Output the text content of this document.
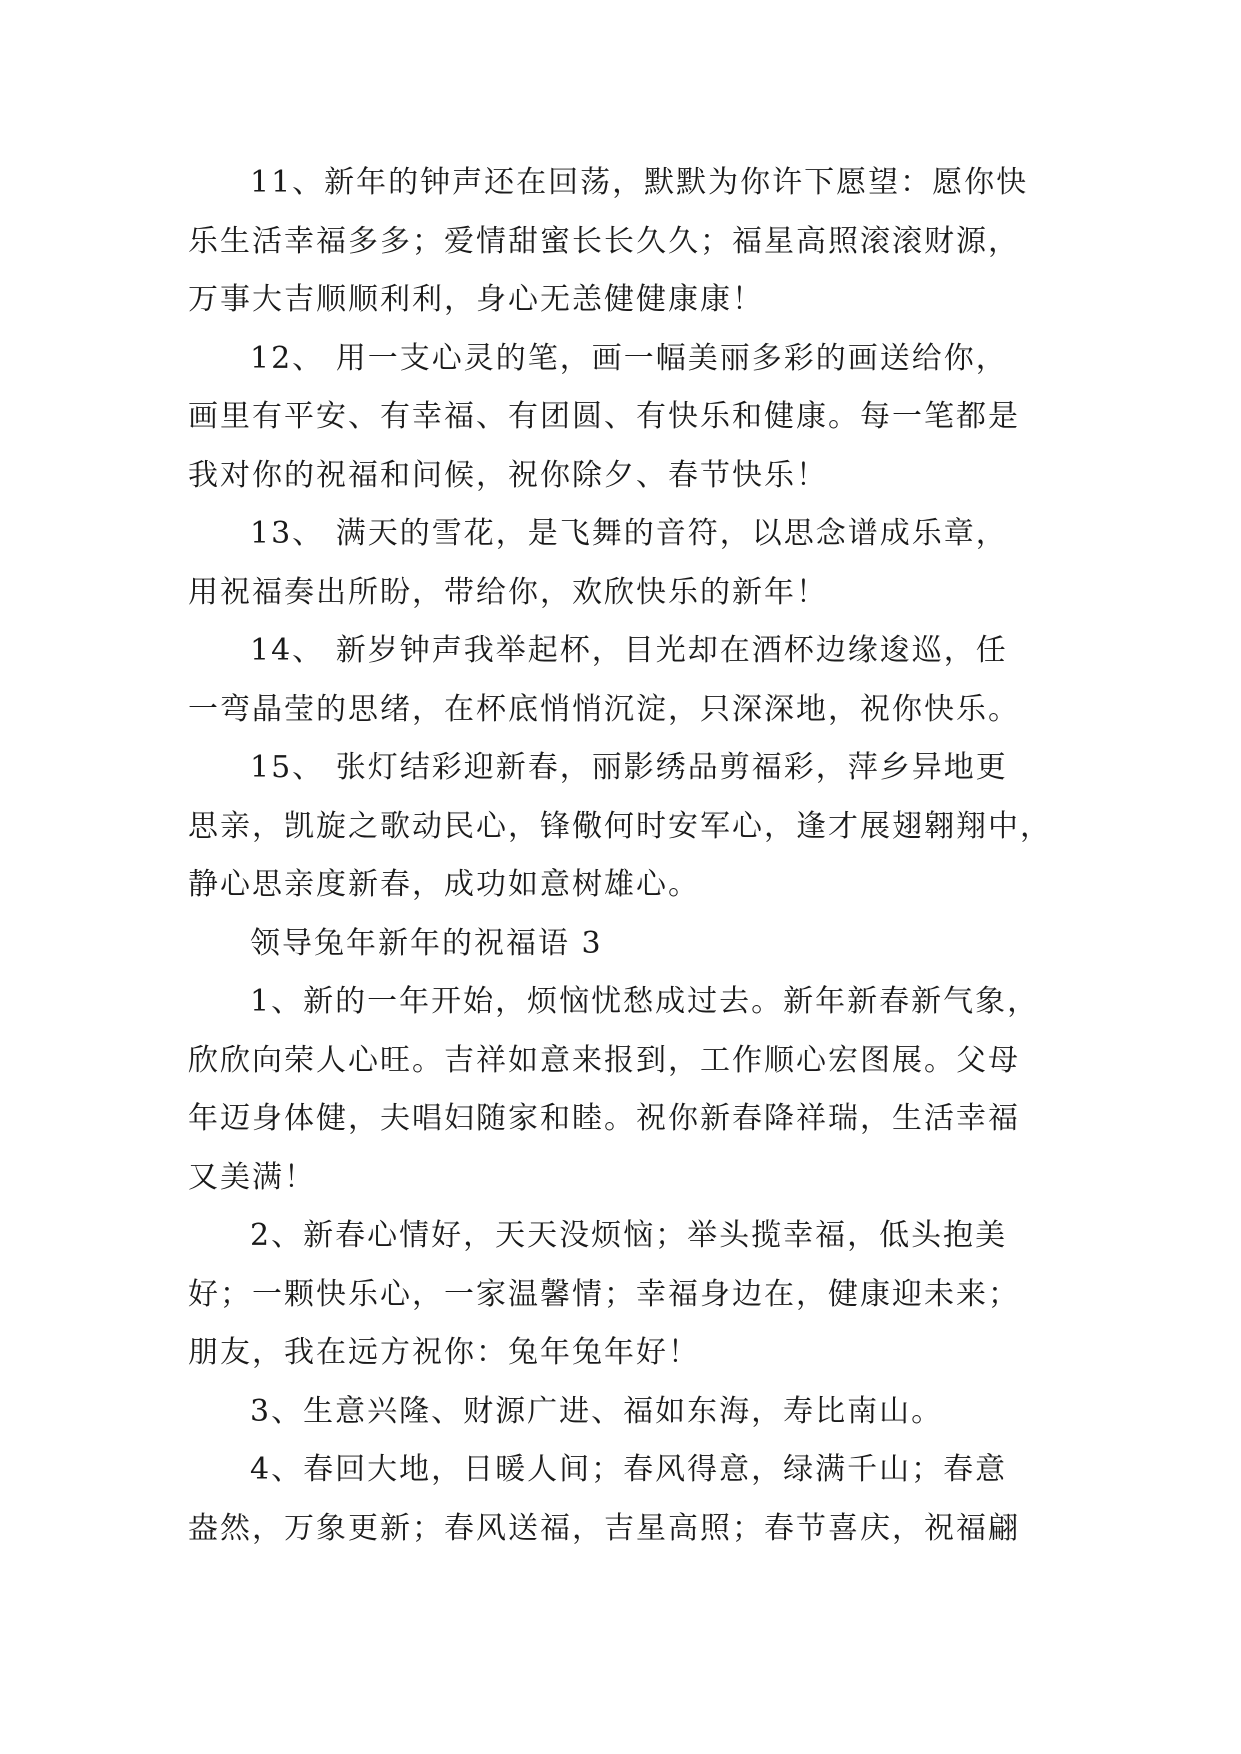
11、新年的钟声还在回荡，默默为你许下愿望：愿你快
乐生活幸福多多；爱情甜蜜长长久久；福星高照滚滚财源，
万事大吉顺顺利利，身心无恙健健康康！
12、 用一支心灵的笔，画一幅美丽多彩的画送给你，
画里有平安、有幸福、有团圆、有快乐和健康。每一笔都是
我对你的祝福和问候，祝你除夕、春节快乐！
13、 满天的雪花，是飞舞的音符，以思念谱成乐章，
用祝福奏出所盼，带给你，欢欣快乐的新年！
14、 新岁钟声我举起杯，目光却在酒杯边缘逡巡，任
一弯晶莹的思绪，在杯底悄悄沉淀，只深深地，祝你快乐。
15、 张灯结彩迎新春，丽影绣品剪福彩，萍乡异地更
思亲，凯旋之歌动民心，锋儆何时安军心，逢才展翅翱翔中，
静心思亲度新春，成功如意树雄心。
领导兔年新年的祝福语 3
1、新的一年开始，烦恼忧愁成过去。新年新春新气象，
欣欣向荣人心旺。吉祥如意来报到，工作顺心宏图展。父母
年迈身体健，夫唱妇随家和睦。祝你新春降祥瑞，生活幸福
又美满！
2、新春心情好，天天没烦恼；举头揽幸福，低头抱美
好；一颗快乐心，一家温馨情；幸福身边在，健康迎未来；
朋友，我在远方祝你：兔年兔年好！
3、生意兴隆、财源广进、福如东海，寿比南山。
4、春回大地，日暖人间；春风得意，绿满千山；春意
盎然，万象更新；春风送福，吉星高照；春节喜庆，祝福翩
